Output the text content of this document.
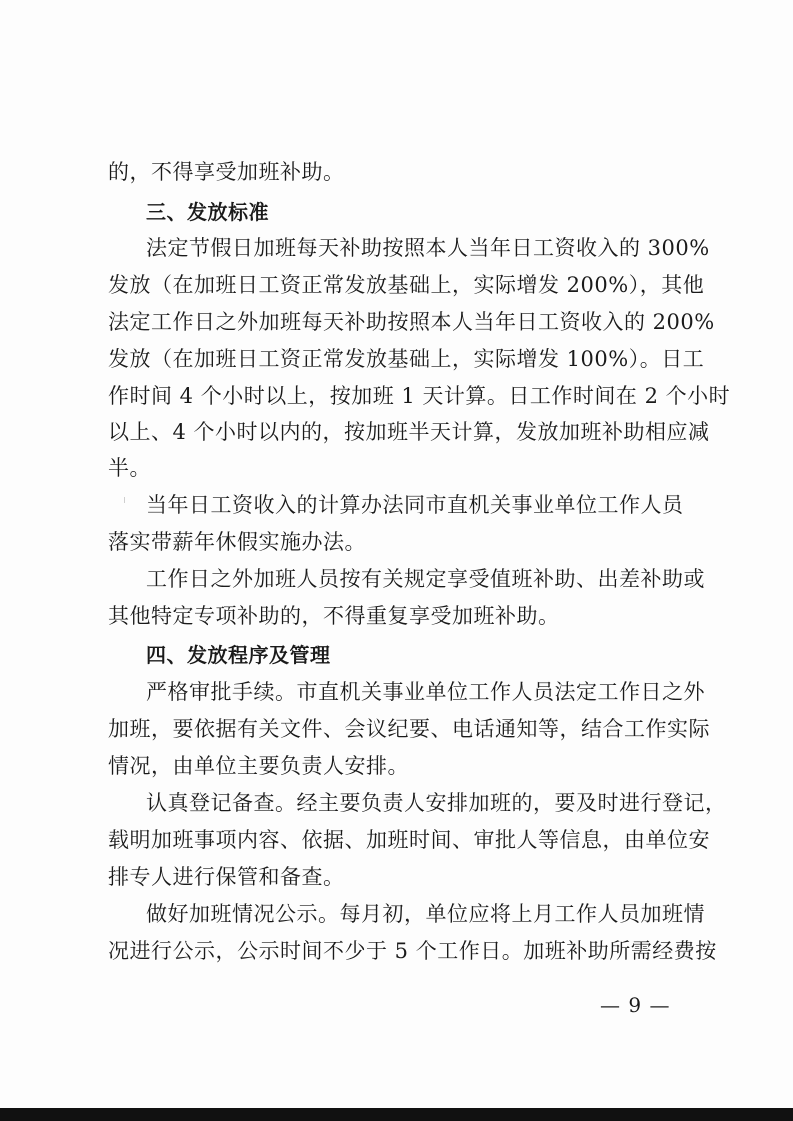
的，不得享受加班补助。
三、发放标准
法定节假日加班每天补助按照本人当年日工资收入的 300%
发放（在加班日工资正常发放基础上，实际增发 200%），其他
法定工作日之外加班每天补助按照本人当年日工资收入的 200%
发放（在加班日工资正常发放基础上，实际增发 100%）。日工
作时间 4 个小时以上，按加班 1 天计算。日工作时间在 2 个小时
以上、4 个小时以内的，按加班半天计算，发放加班补助相应减
半。
当年日工资收入的计算办法同市直机关事业单位工作人员
落实带薪年休假实施办法。
工作日之外加班人员按有关规定享受值班补助、出差补助或
其他特定专项补助的，不得重复享受加班补助。
四、发放程序及管理
严格审批手续。市直机关事业单位工作人员法定工作日之外
加班，要依据有关文件、会议纪要、电话通知等，结合工作实际
情况，由单位主要负责人安排。
认真登记备查。经主要负责人安排加班的，要及时进行登记，
载明加班事项内容、依据、加班时间、审批人等信息，由单位安
排专人进行保管和备查。
做好加班情况公示。每月初，单位应将上月工作人员加班情
况进行公示，公示时间不少于 5 个工作日。加班补助所需经费按
— 9 —
